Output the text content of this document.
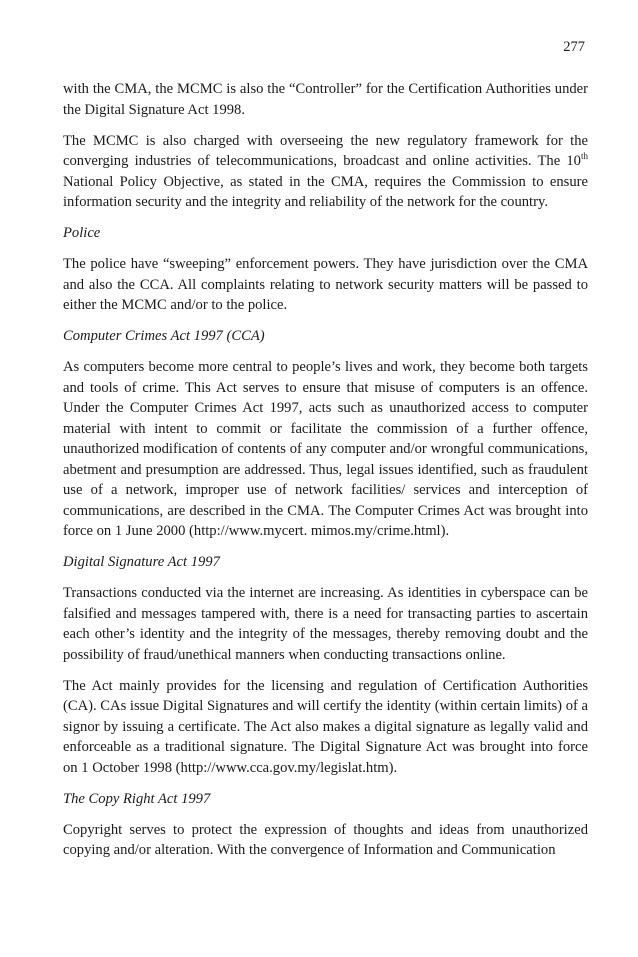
277

with the CMA, the MCMC is also the “Controller” for the Certification Authorities under the Digital Signature Act 1998.

The MCMC is also charged with overseeing the new regulatory framework for the converging industries of telecommunications, broadcast and online activities. The 10th National Policy Objective, as stated in the CMA, requires the Commission to ensure information security and the integrity and reliability of the network for the country.

Police

The police have “sweeping” enforcement powers. They have jurisdiction over the CMA and also the CCA. All complaints relating to network security matters will be passed to either the MCMC and/or to the police.

Computer Crimes Act 1997 (CCA)

As computers become more central to people’s lives and work, they become both targets and tools of crime. This Act serves to ensure that misuse of computers is an offence. Under the Computer Crimes Act 1997, acts such as unauthorized access to computer material with intent to commit or facilitate the commission of a further offence, unauthorized modification of contents of any computer and/or wrongful communications, abetment and presumption are addressed. Thus, legal issues identified, such as fraudulent use of a network, improper use of network facilities/ services and interception of communications, are described in the CMA. The Computer Crimes Act was brought into force on 1 June 2000 (http://www.mycert. mimos.my/crime.html).

Digital Signature Act 1997

Transactions conducted via the internet are increasing. As identities in cyberspace can be falsified and messages tampered with, there is a need for transacting parties to ascertain each other’s identity and the integrity of the messages, thereby removing doubt and the possibility of fraud/unethical manners when conducting transactions online.

The Act mainly provides for the licensing and regulation of Certification Authorities (CA). CAs issue Digital Signatures and will certify the identity (within certain limits) of a signor by issuing a certificate. The Act also makes a digital signature as legally valid and enforceable as a traditional signature. The Digital Signature Act was brought into force on 1 October 1998 (http://www.cca.gov.my/legislat.htm).

The Copy Right Act 1997

Copyright serves to protect the expression of thoughts and ideas from unauthorized copying and/or alteration. With the convergence of Information and Communication
